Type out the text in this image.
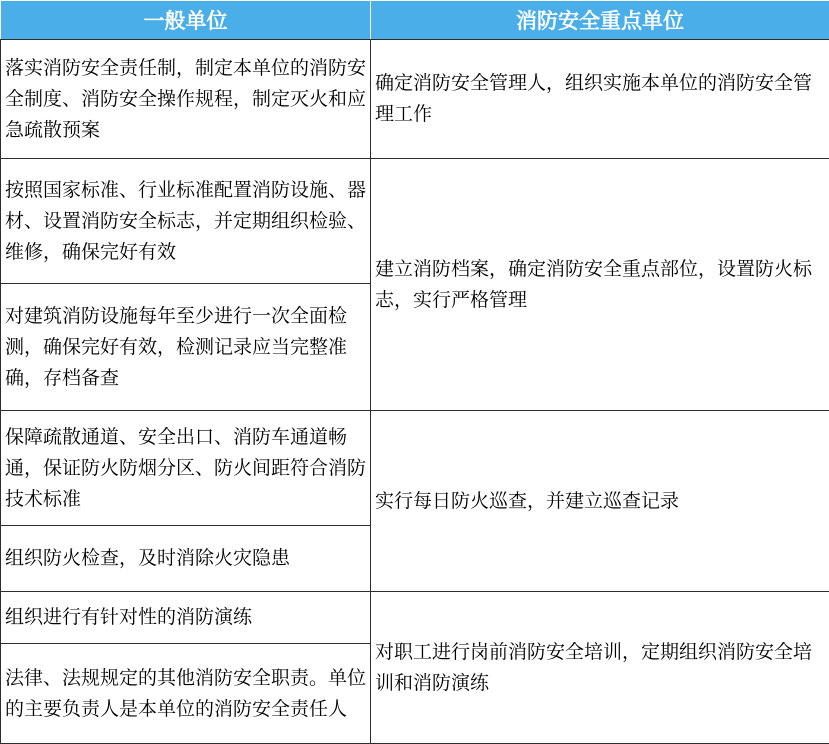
一般单位	消防安全重点单位
落实消防安全责任制，制定本单位的消防安全制度、消防安全操作规程，制定灭火和应急疏散预案	确定消防安全管理人，组织实施本单位的消防安全管理工作
按照国家标准、行业标准配置消防设施、器材、设置消防安全标志，并定期组织检验、维修，确保完好有效	建立消防档案，确定消防安全重点部位，设置防火标志，实行严格管理
对建筑消防设施每年至少进行一次全面检测，确保完好有效，检测记录应当完整准确，存档备查	
保障疏散通道、安全出口、消防车通道畅通，保证防火防烟分区、防火间距符合消防技术标准	实行每日防火巡查，并建立巡查记录
组织防火检查，及时消除火灾隐患	
组织进行有针对性的消防演练	对职工进行岗前消防安全培训，定期组织消防安全培训和消防演练
法律、法规规定的其他消防安全职责。单位的主要负责人是本单位的消防安全责任人	
